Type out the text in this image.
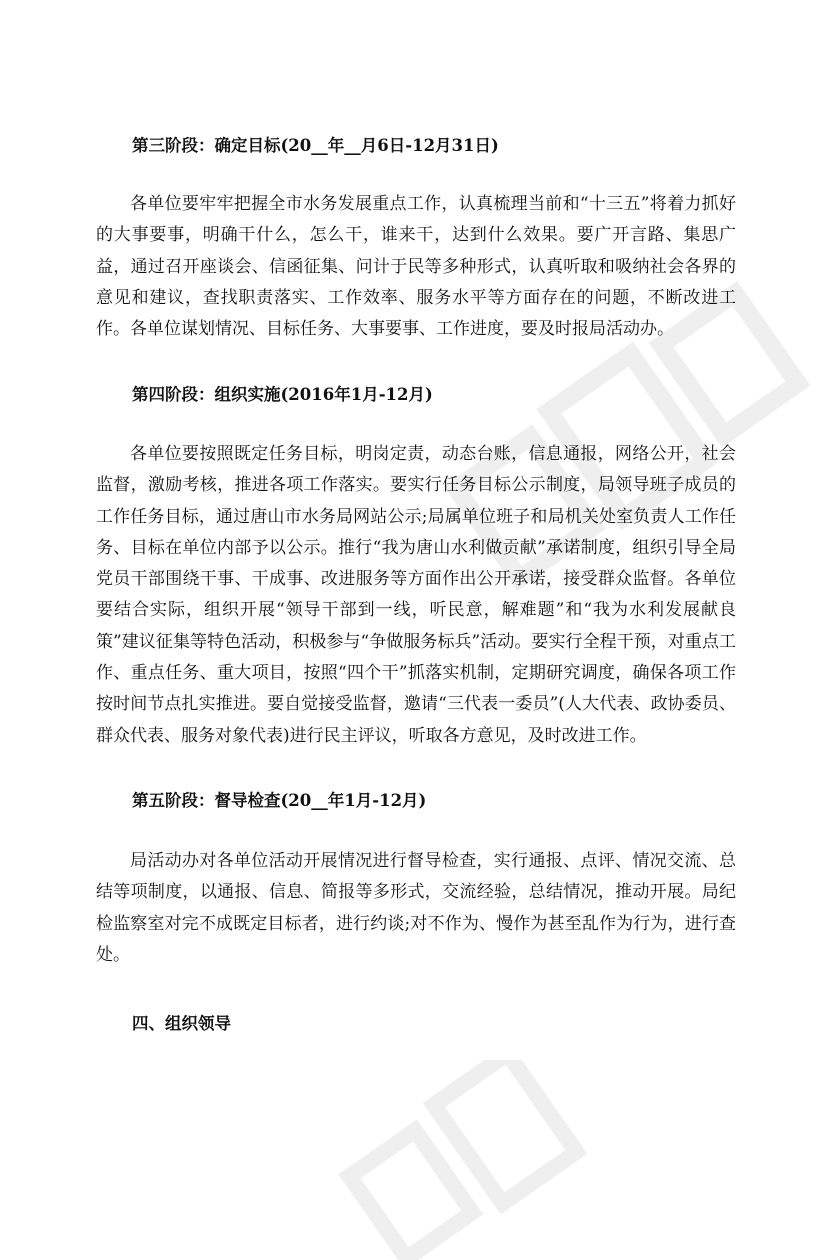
第三阶段：确定目标(20__年__月6日-12月31日)
各单位要牢牢把握全市水务发展重点工作，认真梳理当前和“十三五”将着力抓好的大事要事，明确干什么，怎么干，谁来干，达到什么效果。要广开言路、集思广益，通过召开座谈会、信函征集、问计于民等多种形式，认真听取和吸纳社会各界的意见和建议，查找职责落实、工作效率、服务水平等方面存在的问题，不断改进工作。各单位谋划情况、目标任务、大事要事、工作进度，要及时报局活动办。
第四阶段：组织实施(2016年1月-12月)
各单位要按照既定任务目标，明岗定责，动态台账，信息通报，网络公开，社会监督，激励考核，推进各项工作落实。要实行任务目标公示制度，局领导班子成员的工作任务目标，通过唐山市水务局网站公示;局属单位班子和局机关处室负责人工作任务、目标在单位内部予以公示。推行“我为唐山水利做贡献”承诺制度，组织引导全局党员干部围绕干事、干成事、改进服务等方面作出公开承诺，接受群众监督。各单位要结合实际，组织开展“领导干部到一线，听民意，解难题”和“我为水利发展献良策”建议征集等特色活动，积极参与“争做服务标兵”活动。要实行全程干预，对重点工作、重点任务、重大项目，按照“四个干”抓落实机制，定期研究调度，确保各项工作按时间节点扎实推进。要自觉接受监督，邀请“三代表一委员”(人大代表、政协委员、群众代表、服务对象代表)进行民主评议，听取各方意见，及时改进工作。
第五阶段：督导检查(20__年1月-12月)
局活动办对各单位活动开展情况进行督导检查，实行通报、点评、情况交流、总结等项制度，以通报、信息、简报等多形式，交流经验，总结情况，推动开展。局纪检监察室对完不成既定目标者，进行约谈;对不作为、慢作为甚至乱作为行为，进行查处。
四、组织领导
